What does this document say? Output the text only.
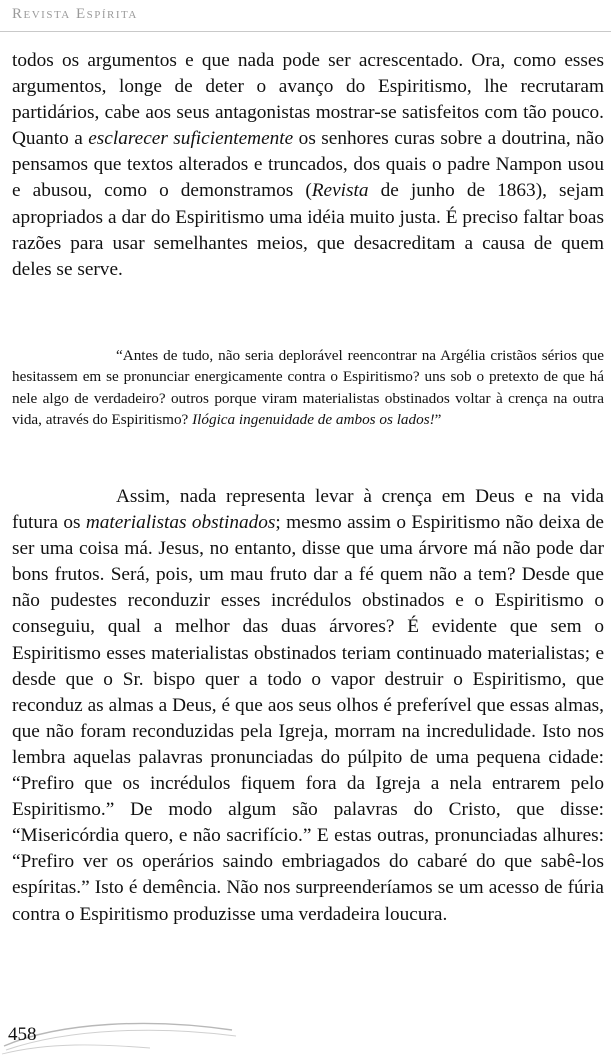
Revista Espírita

todos os argumentos e que nada pode ser acrescentado. Ora, como esses argumentos, longe de deter o avanço do Espiritismo, lhe recrutaram partidários, cabe aos seus antagonistas mostrar-se satisfeitos com tão pouco. Quanto a esclarecer suficientemente os senhores curas sobre a doutrina, não pensamos que textos alterados e truncados, dos quais o padre Nampon usou e abusou, como o demonstramos (Revista de junho de 1863), sejam apropriados a dar do Espiritismo uma idéia muito justa. É preciso faltar boas razões para usar semelhantes meios, que desacreditam a causa de quem deles se serve.

“Antes de tudo, não seria deplorável reencontrar na Argélia cristãos sérios que hesitassem em se pronunciar energicamente contra o Espiritismo? uns sob o pretexto de que há nele algo de verdadeiro? outros porque viram materialistas obstinados voltar à crença na outra vida, através do Espiritismo? Ilógica ingenuidade de ambos os lados!”

Assim, nada representa levar à crença em Deus e na vida futura os materialistas obstinados; mesmo assim o Espiritismo não deixa de ser uma coisa má. Jesus, no entanto, disse que uma árvore má não pode dar bons frutos. Será, pois, um mau fruto dar a fé quem não a tem? Desde que não pudestes reconduzir esses incrédulos obstinados e o Espiritismo o conseguiu, qual a melhor das duas árvores? É evidente que sem o Espiritismo esses materialistas obstinados teriam continuado materialistas; e desde que o Sr. bispo quer a todo o vapor destruir o Espiritismo, que reconduz as almas a Deus, é que aos seus olhos é preferível que essas almas, que não foram reconduzidas pela Igreja, morram na incredulidade. Isto nos lembra aquelas palavras pronunciadas do púlpito de uma pequena cidade: “Prefiro que os incrédulos fiquem fora da Igreja a nela entrarem pelo Espiritismo.” De modo algum são palavras do Cristo, que disse: “Misericórdia quero, e não sacrifício.” E estas outras, pronunciadas alhures: “Prefiro ver os operários saindo embriagados do cabaré do que sabê-los espíritas.” Isto é demência. Não nos surpreenderíamos se um acesso de fúria contra o Espiritismo produzisse uma verdadeira loucura.

458
